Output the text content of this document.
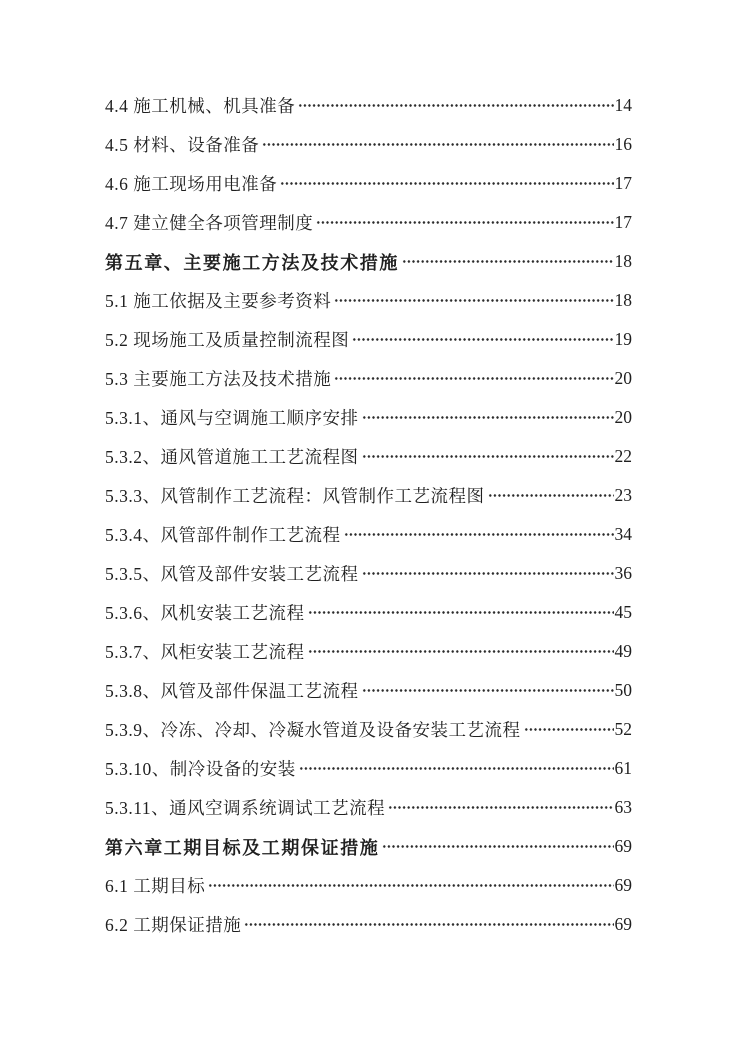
4.4 施工机械、机具准备	14
4.5 材料、设备准备	16
4.6 施工现场用电准备	17
4.7 建立健全各项管理制度	17
第五章、主要施工方法及技术措施	18
5.1 施工依据及主要参考资料	18
5.2 现场施工及质量控制流程图	19
5.3 主要施工方法及技术措施	20
5.3.1、通风与空调施工顺序安排	20
5.3.2、通风管道施工工艺流程图	22
5.3.3、风管制作工艺流程：风管制作工艺流程图	23
5.3.4、风管部件制作工艺流程	34
5.3.5、风管及部件安装工艺流程	36
5.3.6、风机安装工艺流程	45
5.3.7、风柜安装工艺流程	49
5.3.8、风管及部件保温工艺流程	50
5.3.9、冷冻、冷却、冷凝水管道及设备安装工艺流程	52
5.3.10、制冷设备的安装	61
5.3.11、通风空调系统调试工艺流程	63
第六章工期目标及工期保证措施	69
6.1 工期目标	69
6.2 工期保证措施	69
